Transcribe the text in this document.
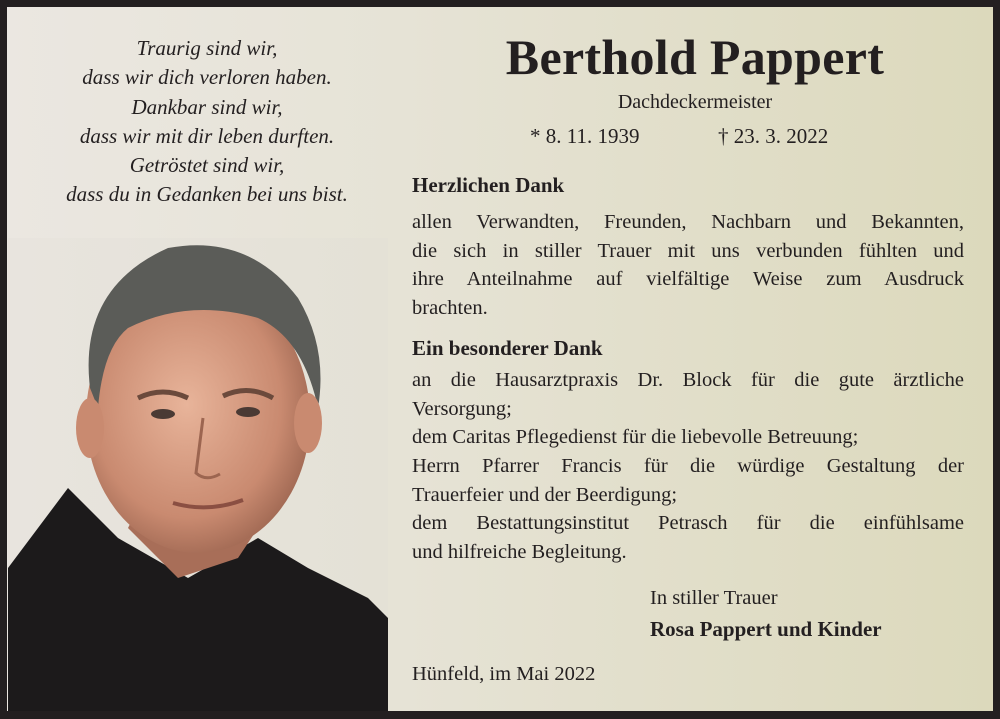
Traurig sind wir,
dass wir dich verloren haben.
Dankbar sind wir,
dass wir mit dir leben durften.
Getröstet sind wir,
dass du in Gedanken bei uns bist.
Berthold Pappert
Dachdeckermeister
* 8. 11. 1939	† 23. 3. 2022
Herzlichen Dank
allen Verwandten, Freunden, Nachbarn und Bekannten,
die sich in stiller Trauer mit uns verbunden fühlten und
ihre Anteilnahme auf vielfältige Weise zum Ausdruck
brachten.
Ein besonderer Dank
an die Hausarztpraxis Dr. Block für die gute ärztliche
Versorgung;
dem Caritas Pflegedienst für die liebevolle Betreuung;
Herrn Pfarrer Francis für die würdige Gestaltung der
Trauerfeier und der Beerdigung;
dem Bestattungsinstitut Petrasch für die einfühlsame
und hilfreiche Begleitung.
In stiller Trauer
Rosa Pappert und Kinder
Hünfeld, im Mai 2022
